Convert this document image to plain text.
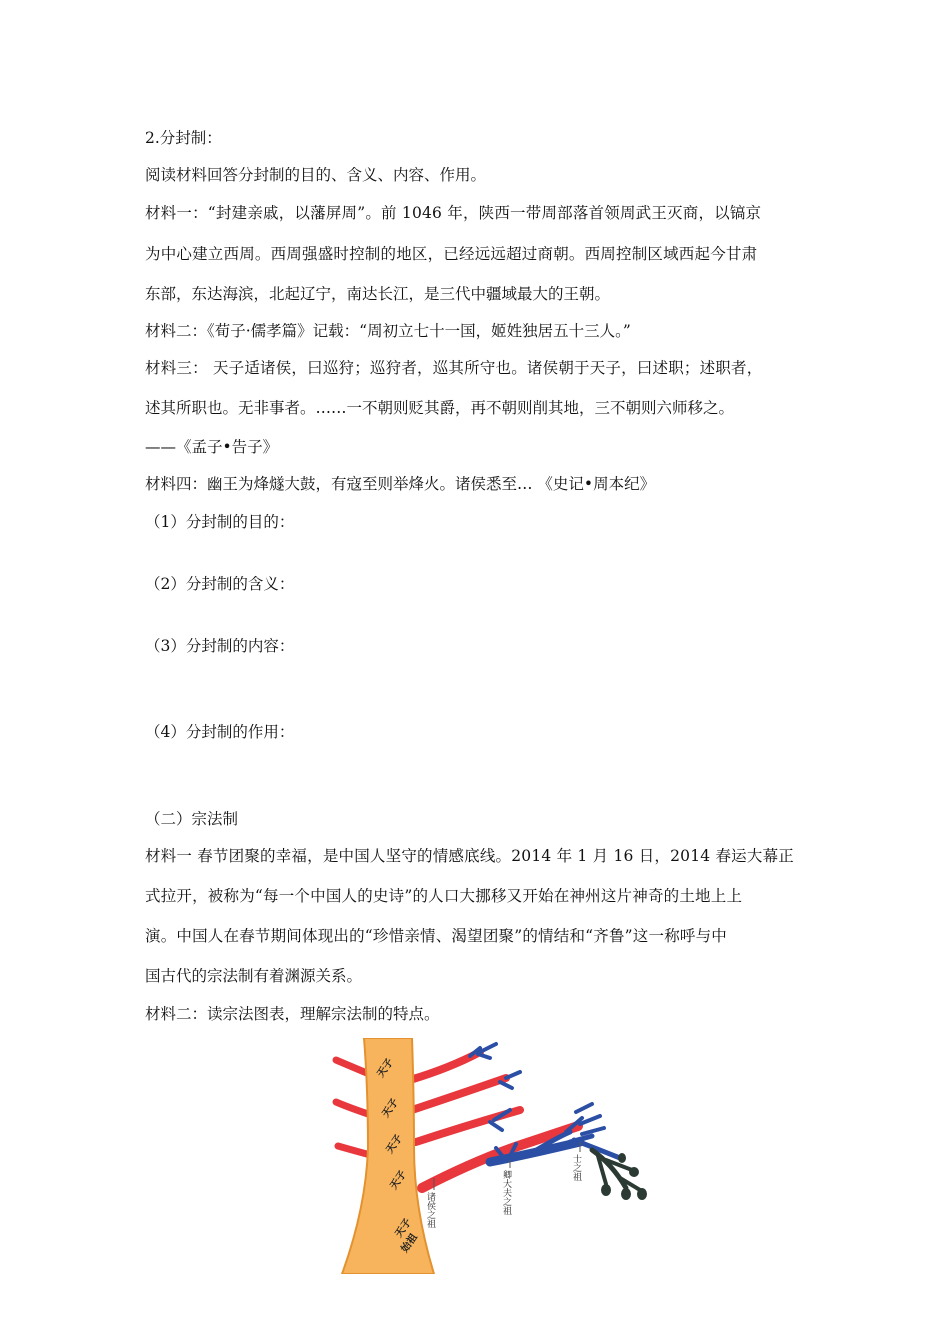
2.分封制：
阅读材料回答分封制的目的、含义、内容、作用。
材料一：“封建亲戚，以藩屏周”。前 1046 年，陕西一带周部落首领周武王灭商，以镐京
为中心建立西周。西周强盛时控制的地区，已经远远超过商朝。西周控制区域西起今甘肃
东部，东达海滨，北起辽宁，南达长江，是三代中疆域最大的王朝。
材料二：《荀子·儒孝篇》记载：“周初立七十一国，姬姓独居五十三人。”
材料三： 天子适诸侯，曰巡狩；巡狩者，巡其所守也。诸侯朝于天子，曰述职；述职者，
述其所职也。无非事者。……一不朝则贬其爵，再不朝则削其地，三不朝则六师移之。
——《孟子•告子》
材料四：幽王为烽燧大鼓，有寇至则举烽火。诸侯悉至… 《史记•周本纪》
（1）分封制的目的：
（2）分封制的含义：
（3）分封制的内容：
（4）分封制的作用：
（二）宗法制
材料一 春节团聚的幸福，是中国人坚守的情感底线。2014 年 1 月 16 日，2014 春运大幕正
式拉开，被称为“每一个中国人的史诗”的人口大挪移又开始在神州这片神奇的土地上上
演。中国人在春节期间体现出的“珍惜亲情、渴望团聚”的情结和“齐鲁”这一称呼与中
国古代的宗法制有着渊源关系。
材料二：读宗法图表，理解宗法制的特点。
天子
天子
天子
天子
天子
始祖
诸侯之祖	卿大夫之祖
士之祖
